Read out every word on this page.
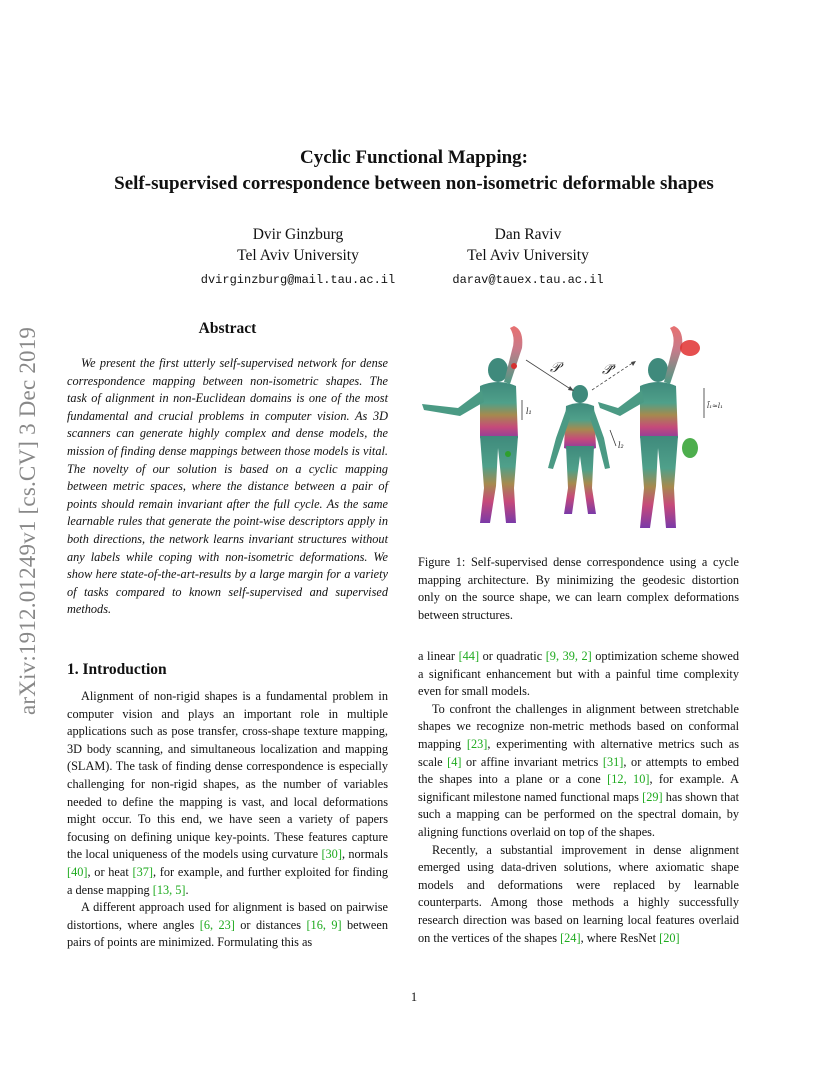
arXiv:1912.01249v1 [cs.CV] 3 Dec 2019
Cyclic Functional Mapping:
Self-supervised correspondence between non-isometric deformable shapes
Dvir Ginzburg
Tel Aviv University
dvirginzburg@mail.tau.ac.il
Dan Raviv
Tel Aviv University
darav@tauex.tau.ac.il
Abstract

We present the first utterly self-supervised network for dense correspondence mapping between non-isometric shapes. The task of alignment in non-Euclidean domains is one of the most fundamental and crucial problems in computer vision. As 3D scanners can generate highly complex and dense models, the mission of finding dense mappings between those models is vital. The novelty of our solution is based on a cyclic mapping between metric spaces, where the distance between a pair of points should remain invariant after the full cycle. As the same learnable rules that generate the point-wise descriptors apply in both directions, the network learns invariant structures without any labels while coping with non-isometric deformations. We show here state-of-the-art-results by a large margin for a variety of tasks compared to known self-supervised and supervised methods.

1. Introduction

Alignment of non-rigid shapes is a fundamental problem in computer vision and plays an important role in multiple applications such as pose transfer, cross-shape texture mapping, 3D body scanning, and simultaneous localization and mapping (SLAM). The task of finding dense correspondence is especially challenging for non-rigid shapes, as the number of variables needed to define the mapping is vast, and local deformations might occur. To this end, we have seen a variety of papers focusing on defining unique key-points. These features capture the local uniqueness of the models using curvature [30], normals [40], or heat [37], for example, and further exploited for finding a dense mapping [13, 5].

A different approach used for alignment is based on pairwise distortions, where angles [6, 23] or distances [16, 9] between pairs of points are minimized. Formulating this as

𝒫	𝒫̃
l₁
l₂
l̃₁≈l₁
Figure 1: Self-supervised dense correspondence using a cycle mapping architecture. By minimizing the geodesic distortion only on the source shape, we can learn complex deformations between structures.

a linear [44] or quadratic [9, 39, 2] optimization scheme showed a significant enhancement but with a painful time complexity even for small models.

To confront the challenges in alignment between stretchable shapes we recognize non-metric methods based on conformal mapping [23], experimenting with alternative metrics such as scale [4] or affine invariant metrics [31], or attempts to embed the shapes into a plane or a cone [12, 10], for example. A significant milestone named functional maps [29] has shown that such a mapping can be performed on the spectral domain, by aligning functions overlaid on top of the shapes.

Recently, a substantial improvement in dense alignment emerged using data-driven solutions, where axiomatic shape models and deformations were replaced by learnable counterparts. Among those methods a highly successfully research direction was based on learning local features overlaid on the vertices of the shapes [24], where ResNet [20]

1
